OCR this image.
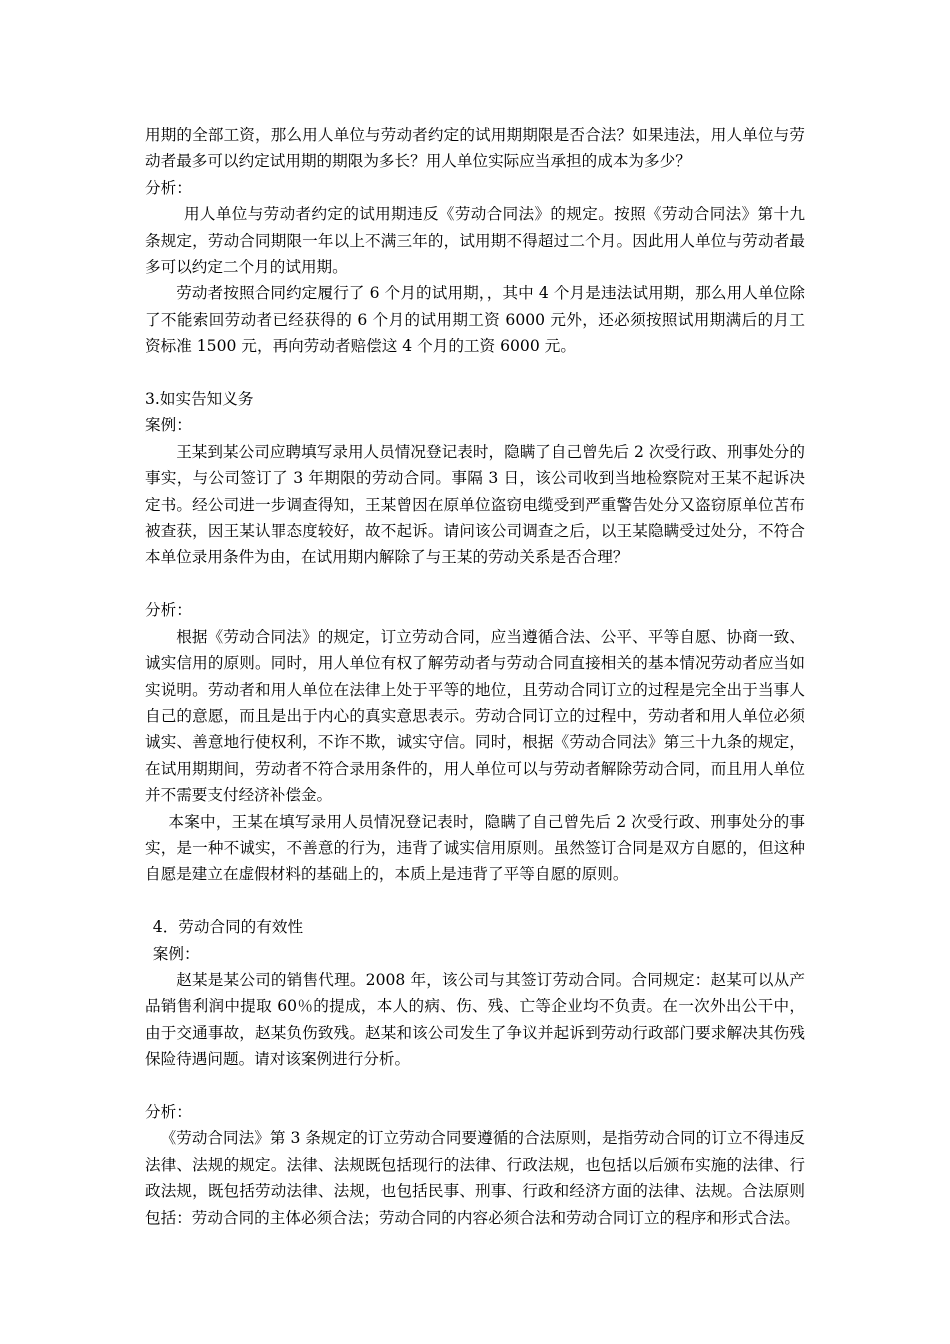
用期的全部工资，那么用人单位与劳动者约定的试用期期限是否合法？如果违法，用人单位与劳动者最多可以约定试用期的期限为多长？用人单位实际应当承担的成本为多少？

分析：

用人单位与劳动者约定的试用期违反《劳动合同法》的规定。按照《劳动合同法》第十九条规定，劳动合同期限一年以上不满三年的，试用期不得超过二个月。因此用人单位与劳动者最多可以约定二个月的试用期。

劳动者按照合同约定履行了 6 个月的试用期，，其中 4 个月是违法试用期，那么用人单位除了不能索回劳动者已经获得的 6 个月的试用期工资 6000 元外，还必须按照试用期满后的月工资标准 1500 元，再向劳动者赔偿这 4 个月的工资 6000 元。

3.如实告知义务

案例：

王某到某公司应聘填写录用人员情况登记表时，隐瞒了自己曾先后 2 次受行政、刑事处分的事实，与公司签订了 3 年期限的劳动合同。事隔 3 日，该公司收到当地检察院对王某不起诉决定书。经公司进一步调查得知，王某曾因在原单位盗窃电缆受到严重警告处分又盗窃原单位苫布被查获，因王某认罪态度较好，故不起诉。请问该公司调查之后，以王某隐瞒受过处分，不符合本单位录用条件为由，在试用期内解除了与王某的劳动关系是否合理？

分析：

根据《劳动合同法》的规定，订立劳动合同，应当遵循合法、公平、平等自愿、协商一致、诚实信用的原则。同时，用人单位有权了解劳动者与劳动合同直接相关的基本情况劳动者应当如实说明。劳动者和用人单位在法律上处于平等的地位，且劳动合同订立的过程是完全出于当事人自己的意愿，而且是出于内心的真实意思表示。劳动合同订立的过程中，劳动者和用人单位必须诚实、善意地行使权利，不诈不欺，诚实守信。同时，根据《劳动合同法》第三十九条的规定，在试用期期间，劳动者不符合录用条件的，用人单位可以与劳动者解除劳动合同，而且用人单位并不需要支付经济补偿金。

本案中，王某在填写录用人员情况登记表时，隐瞒了自己曾先后 2 次受行政、刑事处分的事实，是一种不诚实，不善意的行为，违背了诚实信用原则。虽然签订合同是双方自愿的，但这种自愿是建立在虚假材料的基础上的，本质上是违背了平等自愿的原则。

4．劳动合同的有效性

案例：

赵某是某公司的销售代理。2008 年，该公司与其签订劳动合同。合同规定：赵某可以从产品销售利润中提取 60％的提成，本人的病、伤、残、亡等企业均不负责。在一次外出公干中，由于交通事故，赵某负伤致残。赵某和该公司发生了争议并起诉到劳动行政部门要求解决其伤残保险待遇问题。请对该案例进行分析。

分析：

《劳动合同法》第 3 条规定的订立劳动合同要遵循的合法原则，是指劳动合同的订立不得违反法律、法规的规定。法律、法规既包括现行的法律、行政法规，也包括以后颁布实施的法律、行政法规，既包括劳动法律、法规，也包括民事、刑事、行政和经济方面的法律、法规。合法原则包括：劳动合同的主体必须合法；劳动合同的内容必须合法和劳动合同订立的程序和形式合法。
